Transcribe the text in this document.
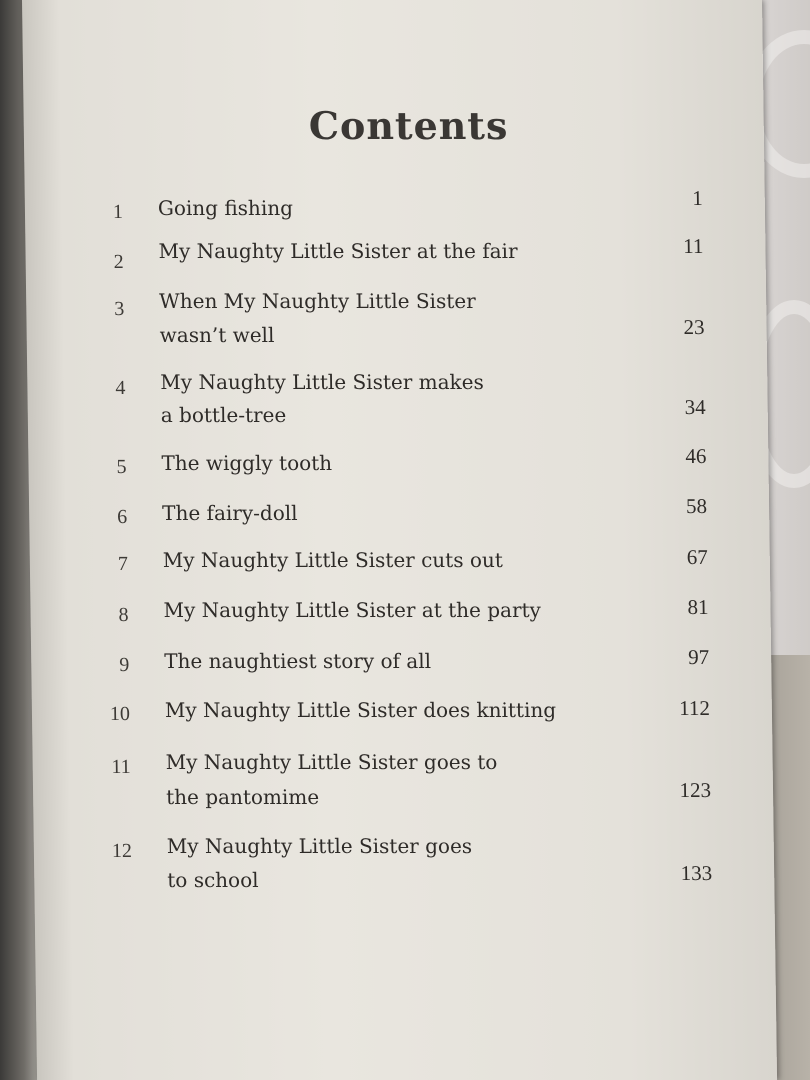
Contents
1 Going fishing	1
2 My Naughty Little Sister at the fair	11
3 When My Naughty Little Sister
wasn’t well	23
4 My Naughty Little Sister makes
a bottle-tree	34
5 The wiggly tooth	46
6 The fairy-doll	58
7 My Naughty Little Sister cuts out	67
8 My Naughty Little Sister at the party	81
9 The naughtiest story of all	97
10 My Naughty Little Sister does knitting	112
11 My Naughty Little Sister goes to
the pantomime	123
12 My Naughty Little Sister goes
to school	133
